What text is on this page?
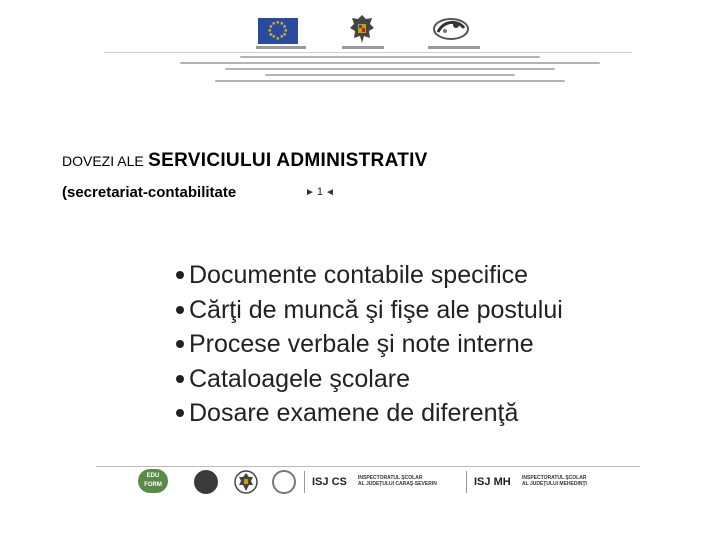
★
★
★
★
★
★
★
★
★ ★ ★
★
DOVEZI ALE SERVICIULUI ADMINISTRATIV
(secretariat-contabilitate	► 1 ◄
Documente contabile specifice
Cărţi de muncă şi fişe ale postului
Procese verbale şi note interne
Cataloagele şcolare
Dosare examene de diferenţă
EDU FORM	ISJ CS INSPECTORATUL ŞCOLAR
AL JUDEŢULUI CARAŞ-SEVERIN	ISJ MH INSPECTORATUL ŞCOLAR
AL JUDEŢULUI MEHEDINŢI
